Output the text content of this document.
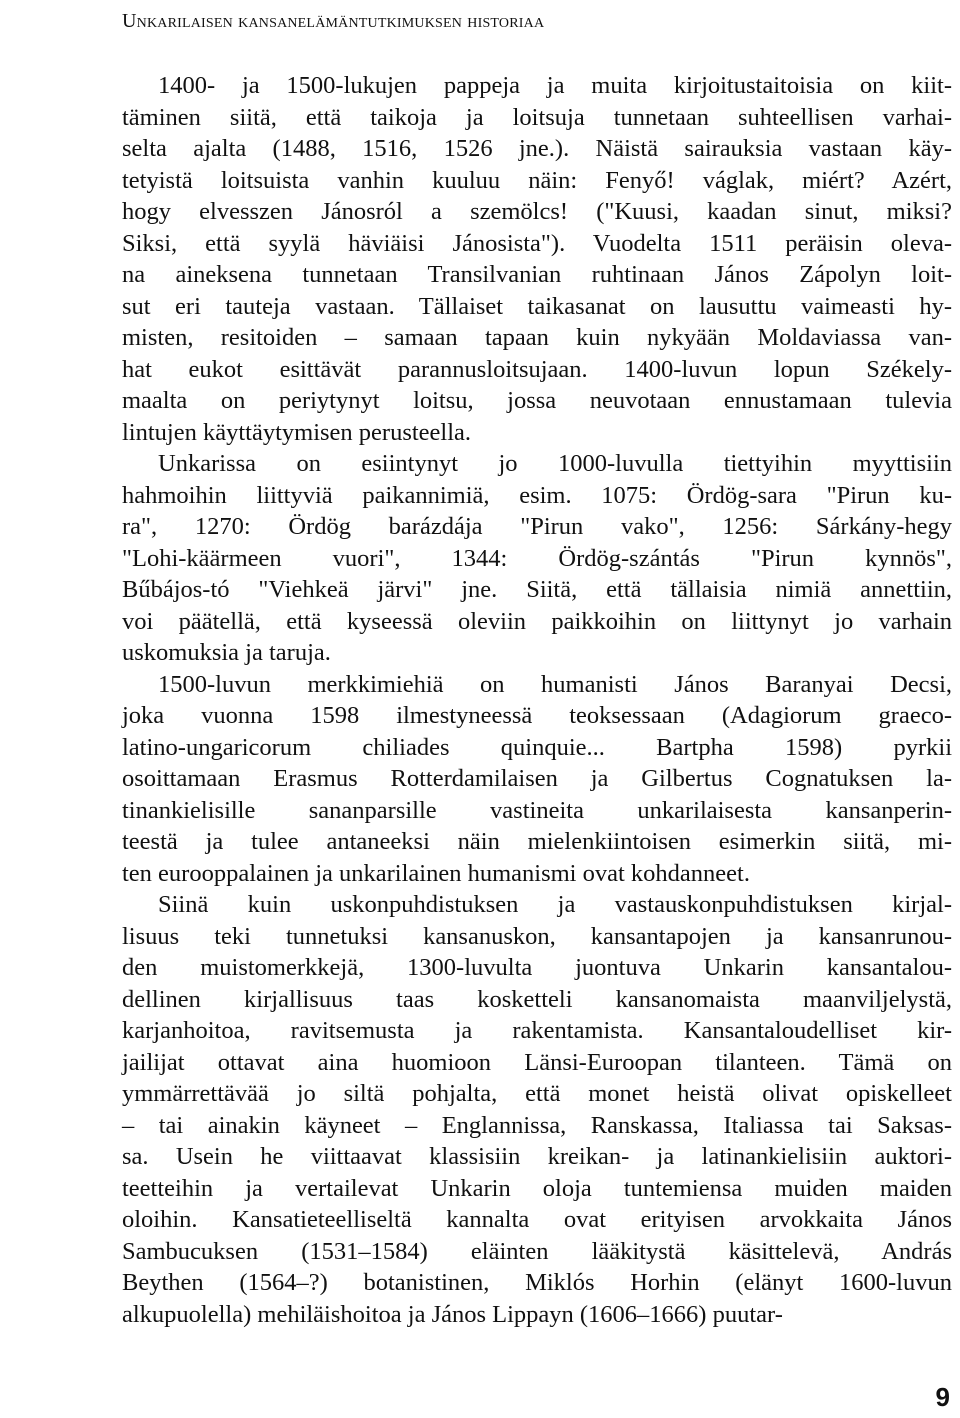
Unkarilaisen kansanelämäntutkimuksen historiaa
1400- ja 1500-lukujen pappeja ja muita kirjoitustaitoisia on kiit-
täminen siitä, että taikoja ja loitsuja tunnetaan suhteellisen varhai-
selta ajalta (1488, 1516, 1526 jne.). Näistä sairauksia vastaan käy-
tetyistä loitsuista vanhin kuuluu näin: Fenyő! váglak, miért? Azért,
hogy elvesszen Jánosról a szemölcs! ("Kuusi, kaadan sinut, miksi?
Siksi, että syylä häviäisi Jánosista"). Vuodelta 1511 peräisin oleva-
na aineksena tunnetaan Transilvanian ruhtinaan János Zápolyn loit-
sut eri tauteja vastaan. Tällaiset taikasanat on lausuttu vaimeasti hy-
misten, resitoiden – samaan tapaan kuin nykyään Moldaviassa van-
hat eukot esittävät parannusloitsujaan. 1400-luvun lopun Székely-
maalta on periytynyt loitsu, jossa neuvotaan ennustamaan tulevia
lintujen käyttäytymisen perusteella.
Unkarissa on esiintynyt jo 1000-luvulla tiettyihin myyttisiin
hahmoihin liittyviä paikannimiä, esim. 1075: Ördög-sara "Pirun ku-
ra", 1270: Ördög barázdája "Pirun vako", 1256: Sárkány-hegy
"Lohi-käärmeen vuori", 1344: Ördög-szántás "Pirun kynnös",
Bűbájos-tó "Viehkeä järvi" jne. Siitä, että tällaisia nimiä annettiin,
voi päätellä, että kyseessä oleviin paikkoihin on liittynyt jo varhain
uskomuksia ja taruja.
1500-luvun merkkimiehiä on humanisti János Baranyai Decsi,
joka vuonna 1598 ilmestyneessä teoksessaan (Adagiorum graeco-
latino-ungaricorum chiliades quinquie... Bartpha 1598) pyrkii
osoittamaan Erasmus Rotterdamilaisen ja Gilbertus Cognatuksen la-
tinankielisille sananparsille vastineita unkarilaisesta kansanperin-
teestä ja tulee antaneeksi näin mielenkiintoisen esimerkin siitä, mi-
ten eurooppalainen ja unkarilainen humanismi ovat kohdanneet.
Siinä kuin uskonpuhdistuksen ja vastauskonpuhdistuksen kirjal-
lisuus teki tunnetuksi kansanuskon, kansantapojen ja kansanrunou-
den muistomerkkejä, 1300-luvulta juontuva Unkarin kansantalou-
dellinen kirjallisuus taas kosketteli kansanomaista maanviljelystä,
karjanhoitoa, ravitsemusta ja rakentamista. Kansantaloudelliset kir-
jailijat ottavat aina huomioon Länsi-Euroopan tilanteen. Tämä on
ymmärrettävää jo siltä pohjalta, että monet heistä olivat opiskelleet
– tai ainakin käyneet – Englannissa, Ranskassa, Italiassa tai Saksas-
sa. Usein he viittaavat klassisiin kreikan- ja latinankielisiin auktori-
teetteihin ja vertailevat Unkarin oloja tuntemiensa muiden maiden
oloihin. Kansatieteelliseltä kannalta ovat erityisen arvokkaita János
Sambucuksen (1531–1584) eläinten lääkitystä käsittelevä, András
Beythen (1564–?) botanistinen, Miklós Horhin (elänyt 1600-luvun
alkupuolella) mehiläishoitoa ja János Lippayn (1606–1666) puutar-
9
